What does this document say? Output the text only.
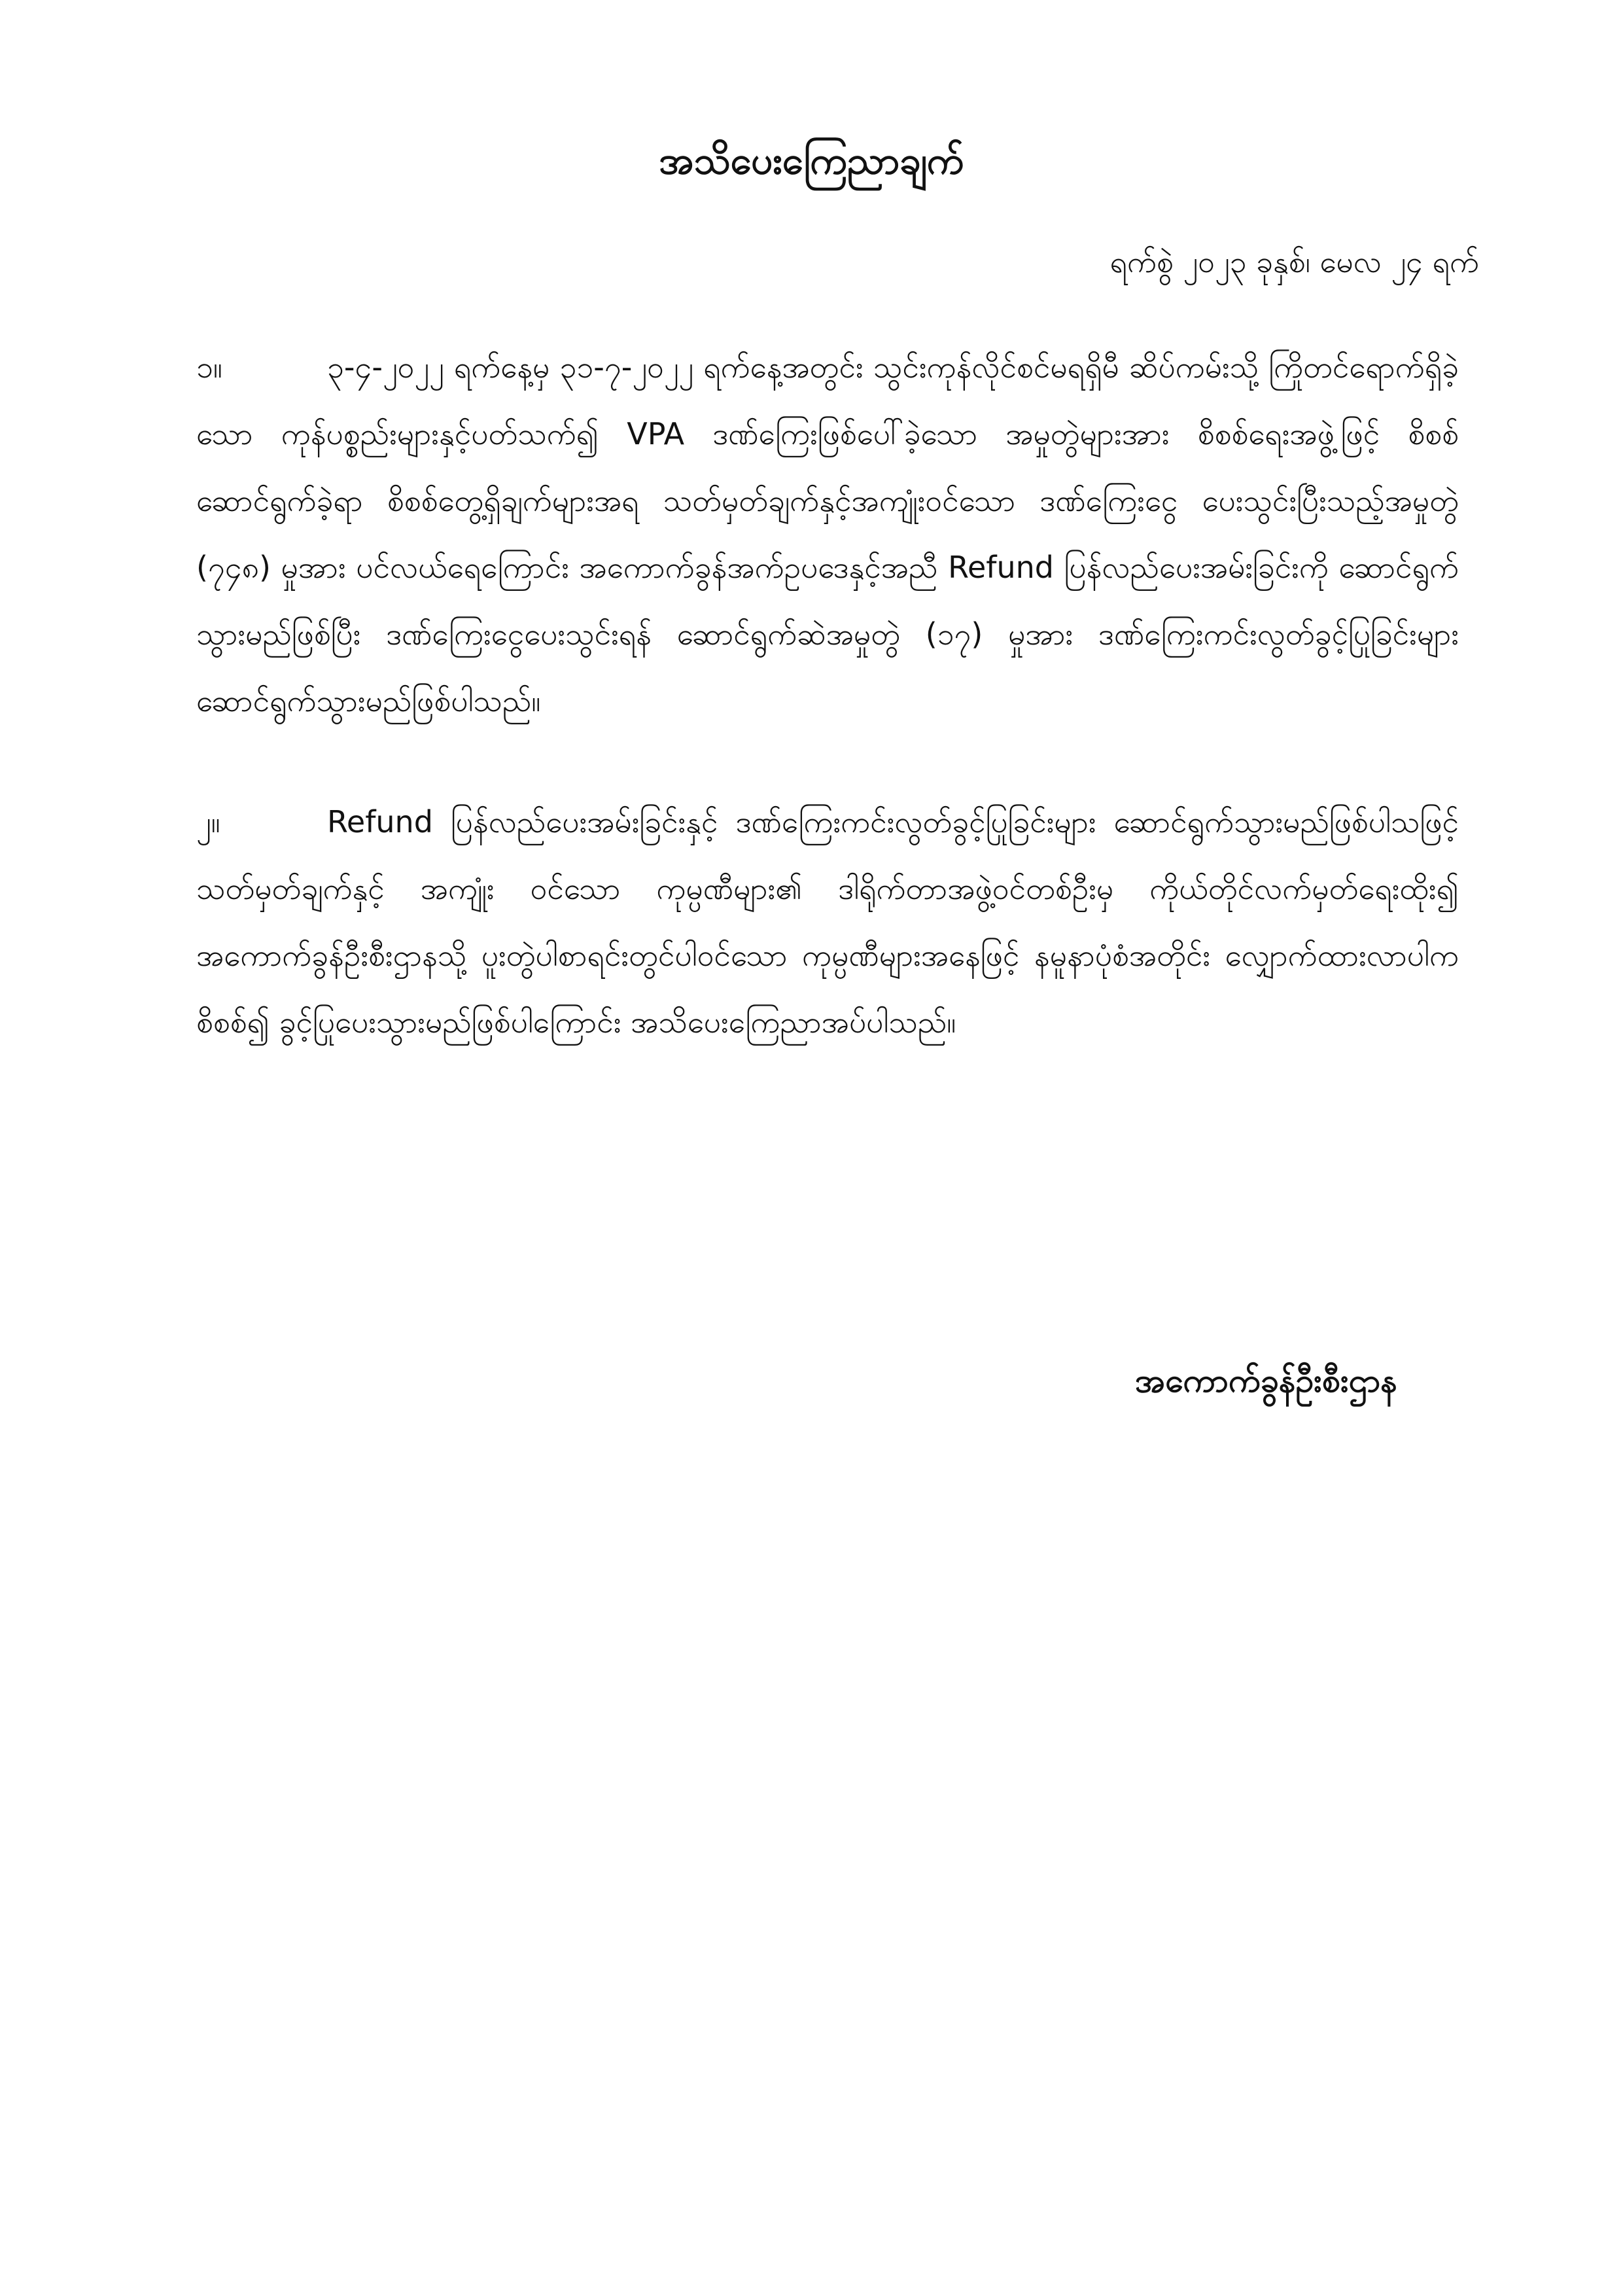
အသိပေးကြေညာချက်
ရက်စွဲ ၂၀၂၃ ခုနှစ်၊ မေလ ၂၄ ရက်
၁။	၃-၄-၂၀၂၂ ရက်နေ့မှ ၃၁-၇-၂၀၂၂ ရက်နေ့အတွင်း သွင်းကုန်လိုင်စင်မရရှိမီ ဆိပ်ကမ်းသို့ ကြိုတင်ရောက်ရှိခဲ့သော ကုန်ပစ္စည်းများနှင့်ပတ်သက်၍ VPA ဒဏ်ကြေးဖြစ်ပေါ်ခဲ့သော အမှုတွဲများအား စိစစ်ရေးအဖွဲ့ဖြင့် စိစစ်ဆောင်ရွက်ခဲ့ရာ စိစစ်တွေ့ရှိချက်များအရ သတ်မှတ်ချက်နှင့်အကျုံးဝင်သော ဒဏ်ကြေးငွေ ပေးသွင်းပြီးသည့်အမှုတွဲ (၇၄၈) မှုအား ပင်လယ်ရေကြောင်း အကောက်ခွန်အက်ဥပဒေနှင့်အညီ Refund ပြန်လည်ပေးအမ်းခြင်းကို ဆောင်ရွက်သွားမည်ဖြစ်ပြီး ဒဏ်ကြေးငွေပေးသွင်းရန် ဆောင်ရွက်ဆဲအမှုတွဲ (၁၇) မှုအား ဒဏ်ကြေးကင်းလွတ်ခွင့်ပြုခြင်းများ ဆောင်ရွက်သွားမည်ဖြစ်ပါသည်။
၂။	Refund ပြန်လည်ပေးအမ်းခြင်းနှင့် ဒဏ်ကြေးကင်းလွတ်ခွင့်ပြုခြင်းများ ဆောင်ရွက်သွားမည်ဖြစ်ပါသဖြင့် သတ်မှတ်ချက်နှင့် အကျုံး ဝင်သော ကုမ္ပဏီများ၏ ဒါရိုက်တာအဖွဲ့ဝင်တစ်ဦးမှ ကိုယ်တိုင်လက်မှတ်ရေးထိုး၍ အကောက်ခွန်ဦးစီးဌာနသို့ ပူးတွဲပါစာရင်းတွင်ပါဝင်သော ကုမ္ပဏီများအနေဖြင့် နမူနာပုံစံအတိုင်း လျှောက်ထားလာပါက စိစစ်၍ ခွင့်ပြုပေးသွားမည်ဖြစ်ပါကြောင်း အသိပေးကြေညာအပ်ပါသည်။
အကောက်ခွန်ဦးစီးဌာန
